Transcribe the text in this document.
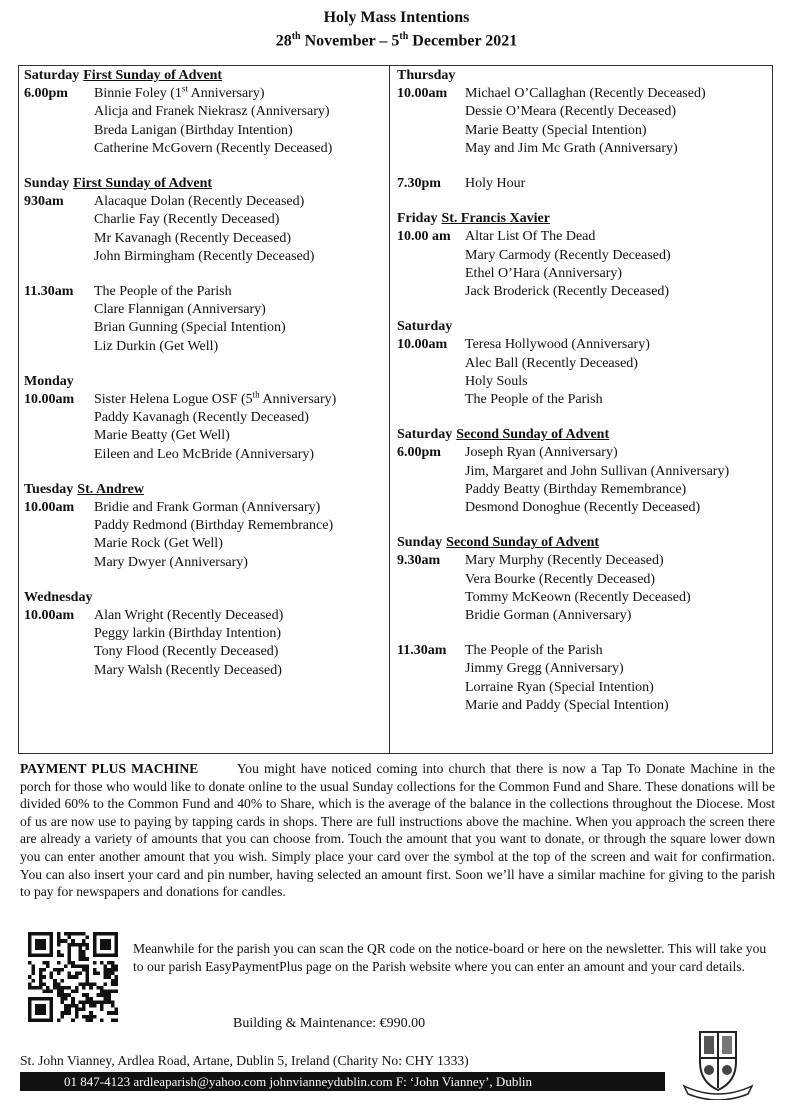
Holy Mass Intentions
28th November – 5th December 2021
Saturday First Sunday of Advent
6.00pm	Binnie Foley (1st Anniversary)
Alicja and Franek Niekrasz (Anniversary)
Breda Lanigan (Birthday Intention)
Catherine McGovern (Recently Deceased)
Sunday First Sunday of Advent
930am	Alacaque Dolan (Recently Deceased)
Charlie Fay (Recently Deceased)
Mr Kavanagh (Recently Deceased)
John Birmingham (Recently Deceased)
11.30am	The People of the Parish
Clare Flannigan (Anniversary)
Brian Gunning (Special Intention)
Liz Durkin (Get Well)
Monday
10.00am	Sister Helena Logue OSF (5th Anniversary)
Paddy Kavanagh (Recently Deceased)
Marie Beatty (Get Well)
Eileen and Leo McBride (Anniversary)
Tuesday St. Andrew
10.00am	Bridie and Frank Gorman (Anniversary)
Paddy Redmond (Birthday Remembrance)
Marie Rock (Get Well)
Mary Dwyer (Anniversary)
Wednesday
10.00am	Alan Wright (Recently Deceased)
Peggy larkin (Birthday Intention)
Tony Flood (Recently Deceased)
Mary Walsh (Recently Deceased)
Thursday
10.00am	Michael O’Callaghan (Recently Deceased)
Dessie O’Meara (Recently Deceased)
Marie Beatty (Special Intention)
May and Jim Mc Grath (Anniversary)
7.30pm	Holy Hour
Friday St. Francis Xavier
10.00 am	Altar List Of The Dead
Mary Carmody (Recently Deceased)
Ethel O’Hara (Anniversary)
Jack Broderick (Recently Deceased)
Saturday
10.00am	Teresa Hollywood (Anniversary)
Alec Ball (Recently Deceased)
Holy Souls
The People of the Parish
Saturday Second Sunday of Advent
6.00pm	Joseph Ryan (Anniversary)
Jim, Margaret and John Sullivan (Anniversary)
Paddy Beatty (Birthday Remembrance)
Desmond Donoghue (Recently Deceased)
Sunday Second Sunday of Advent
9.30am	Mary Murphy (Recently Deceased)
Vera Bourke (Recently Deceased)
Tommy McKeown (Recently Deceased)
Bridie Gorman (Anniversary)
11.30am	The People of the Parish
Jimmy Gregg (Anniversary)
Lorraine Ryan (Special Intention)
Marie and Paddy (Special Intention)
PAYMENT PLUS MACHINE	You might have noticed coming into church that there is now a Tap To Donate Machine in the porch for those who would like to donate online to the usual Sunday collections for the Common Fund and Share. These donations will be divided 60% to the Common Fund and 40% to Share, which is the average of the balance in the collections throughout the Diocese. Most of us are now use to paying by tapping cards in shops. There are full instructions above the machine. When you approach the screen there are already a variety of amounts that you can choose from. Touch the amount that you want to donate, or through the square lower down you can enter another amount that you wish. Simply place your card over the symbol at the top of the screen and wait for confirmation. You can also insert your card and pin number, having selected an amount first. Soon we’ll have a similar machine for giving to the parish to pay for newspapers and donations for candles.
Meanwhile for the parish you can scan the QR code on the notice-board or here on the newsletter. This will take you to our parish EasyPaymentPlus page on the Parish website where you can enter an amount and your card details.
Building & Maintenance: €990.00
St. John Vianney, Ardlea Road, Artane, Dublin 5, Ireland (Charity No: CHY 1333)
01 847-4123 ardleaparish@yahoo.com johnvianneydublin.com F: ‘John Vianney’, Dublin
